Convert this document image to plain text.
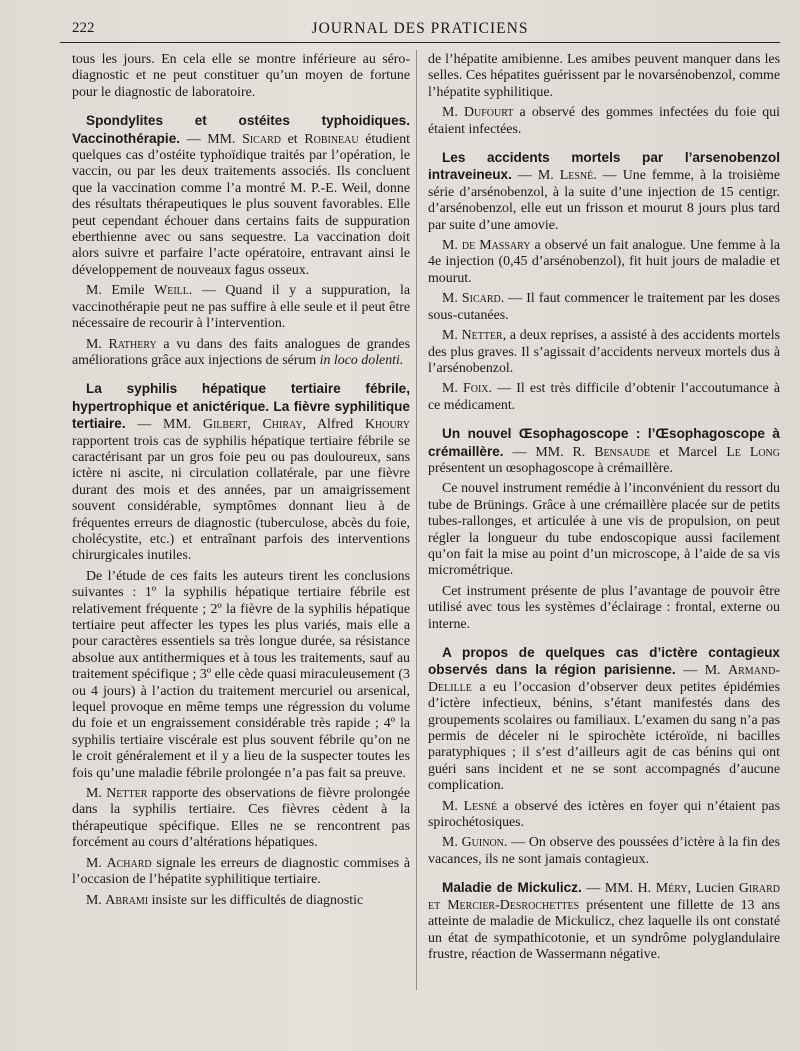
222	JOURNAL DES PRATICIENS

tous les jours. En cela elle se montre inférieure au séro-diagnostic et ne peut constituer qu’un moyen de fortune pour le diagnostic de laboratoire.

Spondylites et ostéites typhoidiques. Vaccinothérapie. — MM. Sicard et Robineau étudient quelques cas d’ostéite typhoïdique traités par l’opération, le vaccin, ou par les deux traitements associés. Ils concluent que la vaccination comme l’a montré M. P.-E. Weil, donne des résultats thérapeutiques le plus souvent favorables. Elle peut cependant échouer dans certains faits de suppuration eberthienne avec ou sans sequestre. La vaccination doit alors suivre et parfaire l’acte opératoire, entravant ainsi le développement de nouveaux fagus osseux.

M. Emile Weill. — Quand il y a suppuration, la vaccinothérapie peut ne pas suffire à elle seule et il peut être nécessaire de recourir à l’intervention.

M. Rathery a vu dans des faits analogues de grandes améliorations grâce aux injections de sérum in loco dolenti.

La syphilis hépatique tertiaire fébrile, hypertrophique et anictérique. La fièvre syphilitique tertiaire. — MM. Gilbert, Chiray, Alfred Khoury rapportent trois cas de syphilis hépatique tertiaire fébrile se caractérisant par un gros foie peu ou pas douloureux, sans ictère ni ascite, ni circulation collatérale, par une fièvre durant des mois et des années, par un amaigrissement souvent considérable, symptômes donnant lieu à de fréquentes erreurs de diagnostic (tuberculose, abcès du foie, cholécystite, etc.) et entraînant parfois des interventions chirurgicales inutiles.

De l’étude de ces faits les auteurs tirent les conclusions suivantes : 1º la syphilis hépatique tertiaire fébrile est relativement fréquente ; 2º la fièvre de la syphilis hépatique tertiaire peut affecter les types les plus variés, mais elle a pour caractères essentiels sa très longue durée, sa résistance absolue aux antithermiques et à tous les traitements, sauf au traitement spécifique ; 3º elle cède quasi miraculeusement (3 ou 4 jours) à l’action du traitement mercuriel ou arsenical, lequel provoque en même temps une régression du volume du foie et un engraissement considérable très rapide ; 4º la syphilis tertiaire viscérale est plus souvent fébrile qu’on ne le croit généralement et il y a lieu de la suspecter toutes les fois qu’une maladie fébrile prolongée n’a pas fait sa preuve.

M. Netter rapporte des observations de fièvre prolongée dans la syphilis tertiaire. Ces fièvres cèdent à la thérapeutique spécifique. Elles ne se rencontrent pas forcément au cours d’altérations hépatiques.

M. Achard signale les erreurs de diagnostic commises à l’occasion de l’hépatite syphilitique tertiaire.

M. Abrami insiste sur les difficultés de diagnostic

de l’hépatite amibienne. Les amibes peuvent manquer dans les selles. Ces hépatites guérissent par le novarsénobenzol, comme l’hépatite syphilitique.

M. Dufourt a observé des gommes infectées du foie qui étaient infectées.

Les accidents mortels par l’arsenobenzol intraveineux. — M. Lesné. — Une femme, à la troisième série d’arsénobenzol, à la suite d’une injection de 15 centigr. d’arsénobenzol, elle eut un frisson et mourut 8 jours plus tard par suite d’une amovie.

M. de Massary a observé un fait analogue. Une femme à la 4e injection (0,45 d’arsénobenzol), fit huit jours de maladie et mourut.

M. Sicard. — Il faut commencer le traitement par les doses sous-cutanées.

M. Netter, a deux reprises, a assisté à des accidents mortels des plus graves. Il s’agissait d’accidents nerveux mortels dus à l’arsénobenzol.

M. Foix. — Il est très difficile d’obtenir l’accoutumance à ce médicament.

Un nouvel Œsophagoscope : l’Œsophagoscope à crémaillère. — MM. R. Bensaude et Marcel Le Long présentent un œsophagoscope à crémaillère.

Ce nouvel instrument remédie à l’inconvénient du ressort du tube de Brünings. Grâce à une crémaillère placée sur de petits tubes-rallonges, et articulée à une vis de propulsion, on peut régler la longueur du tube endoscopique aussi facilement qu’on fait la mise au point d’un microscope, à l’aide de sa vis micrométrique.

Cet instrument présente de plus l’avantage de pouvoir être utilisé avec tous les systèmes d’éclairage : frontal, externe ou interne.

A propos de quelques cas d’ictère contagieux observés dans la région parisienne. — M. Armand-Delille a eu l’occasion d’observer deux petites épidémies d’ictère infectieux, bénins, s’étant manifestés dans des groupements scolaires ou familiaux. L’examen du sang n’a pas permis de déceler ni le spirochète ictéroïde, ni bacilles paratyphiques ; il s’est d’ailleurs agit de cas bénins qui ont guéri sans incident et ne se sont accompagnés d’aucune complication.

M. Lesné a observé des ictères en foyer qui n’étaient pas spirochétosiques.

M. Guinon. — On observe des poussées d’ictère à la fin des vacances, ils ne sont jamais contagieux.

Maladie de Mickulicz. — MM. H. Méry, Lucien Girard et Mercier-Desrochettes présentent une fillette de 13 ans atteinte de maladie de Mickulicz, chez laquelle ils ont constaté un état de sympathicotonie, et un syndrôme polyglandulaire frustre, réaction de Wassermann négative.
